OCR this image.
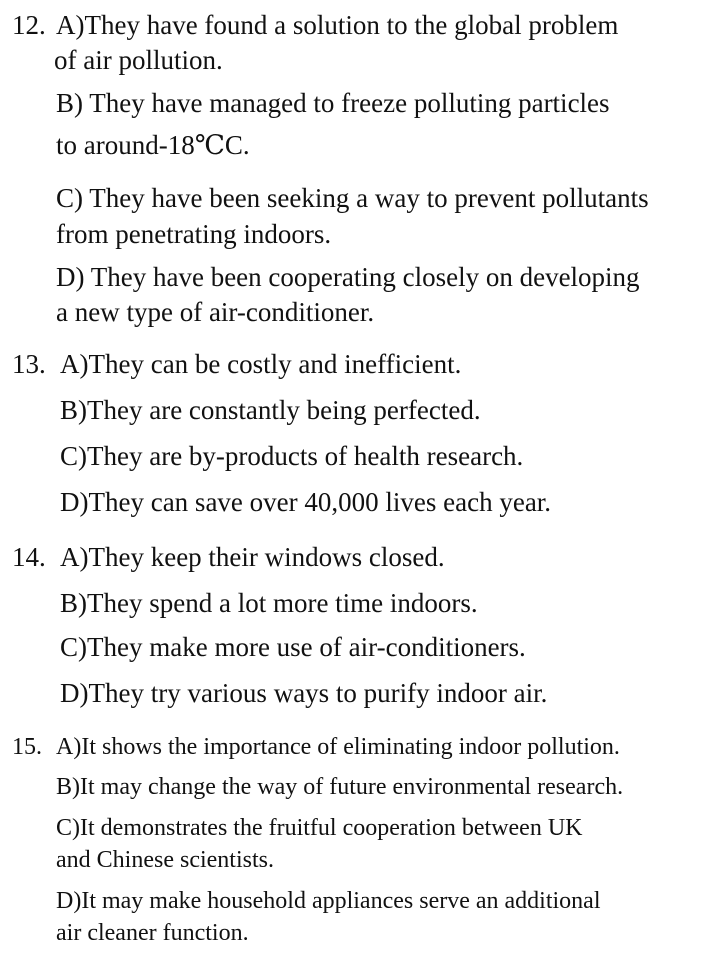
12. A)They have found a solution to the global problem
of air pollution.
B) They have managed to freeze polluting particles
to around-18℃C.
C) They have been seeking a way to prevent pollutants
from penetrating indoors.
D) They have been cooperating closely on developing
a new type of air-conditioner.
13. A)They can be costly and inefficient.
B)They are constantly being perfected.
C)They are by-products of health research.
D)They can save over 40,000 lives each year.
14. A)They keep their windows closed.
B)They spend a lot more time indoors.
C)They make more use of air-conditioners.
D)They try various ways to purify indoor air.
15. A)It shows the importance of eliminating indoor pollution.
B)It may change the way of future environmental research.
C)It demonstrates the fruitful cooperation between UK
and Chinese scientists.
D)It may make household appliances serve an additional
air cleaner function.
